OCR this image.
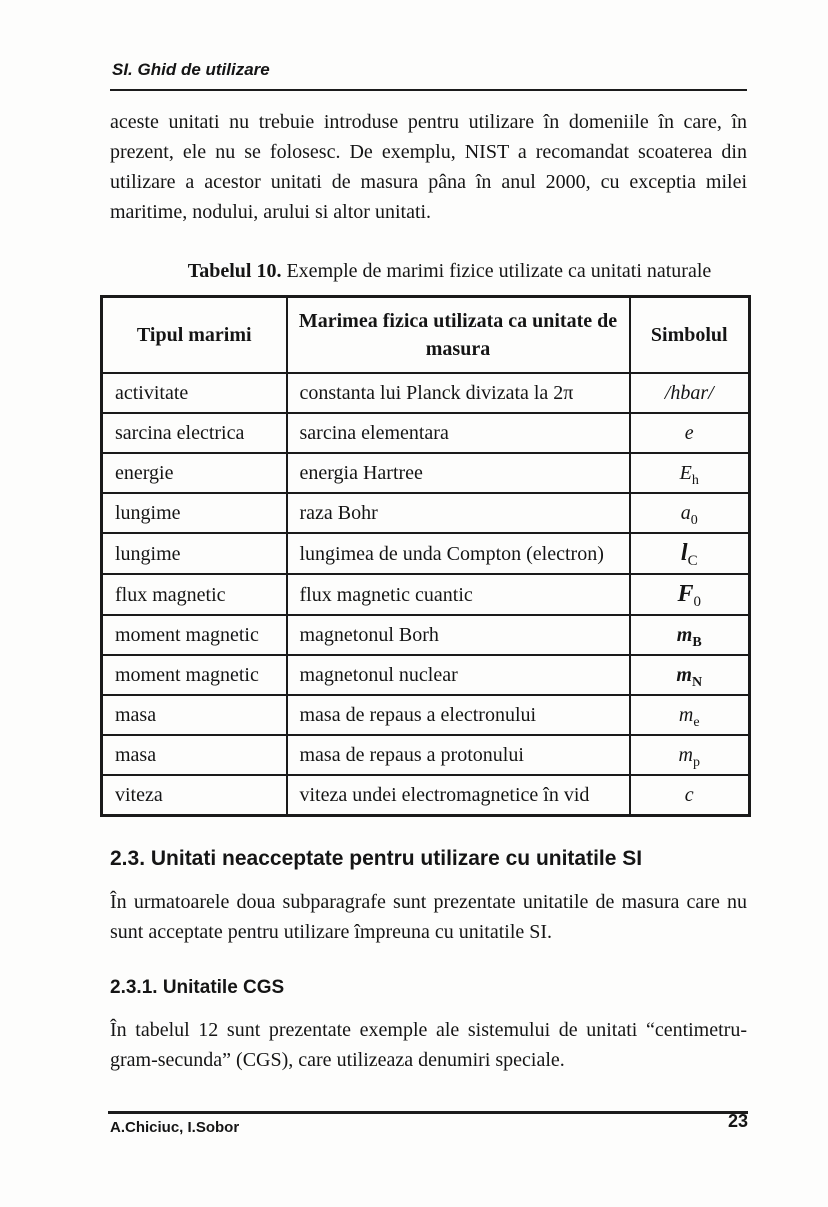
SI. Ghid de utilizare

aceste unitati nu trebuie introduse pentru utilizare în domeniile în care, în prezent, ele nu se folosesc. De exemplu, NIST a recomandat scoaterea din utilizare a acestor unitati de masura pâna în anul 2000, cu exceptia milei maritime, nodului, arului si altor unitati.

Tabelul 10. Exemple de marimi fizice utilizate ca unitati naturale
Tipul marimi	Marimea fizica utilizata ca unitate de masura	Simbolul
activitate	constanta lui Planck divizata la 2π	/hbar/
sarcina electrica	sarcina elementara	e
energie	energia Hartree	$E_h$
lungime	raza Bohr	$a_0$
lungime	lungimea de unda Compton (electron)	$l_C$
flux magnetic	flux magnetic cuantic	$F_0$
moment magnetic	magnetonul Borh	$m_B$
moment magnetic	magnetonul nuclear	$m_N$
masa	masa de repaus a electronului	$m_e$
masa	masa de repaus a protonului	$m_p$
viteza	viteza undei electromagnetice în vid	c
2.3. Unitati neacceptate pentru utilizare cu unitatile SI

În urmatoarele doua subparagrafe sunt prezentate unitatile de masura care nu sunt acceptate pentru utilizare împreuna cu unitatile SI.

2.3.1. Unitatile CGS

În tabelul 12 sunt prezentate exemple ale sistemului de unitati “centimetru-gram-secunda” (CGS), care utilizeaza denumiri speciale.

A.Chiciuc, I.Sobor	23
